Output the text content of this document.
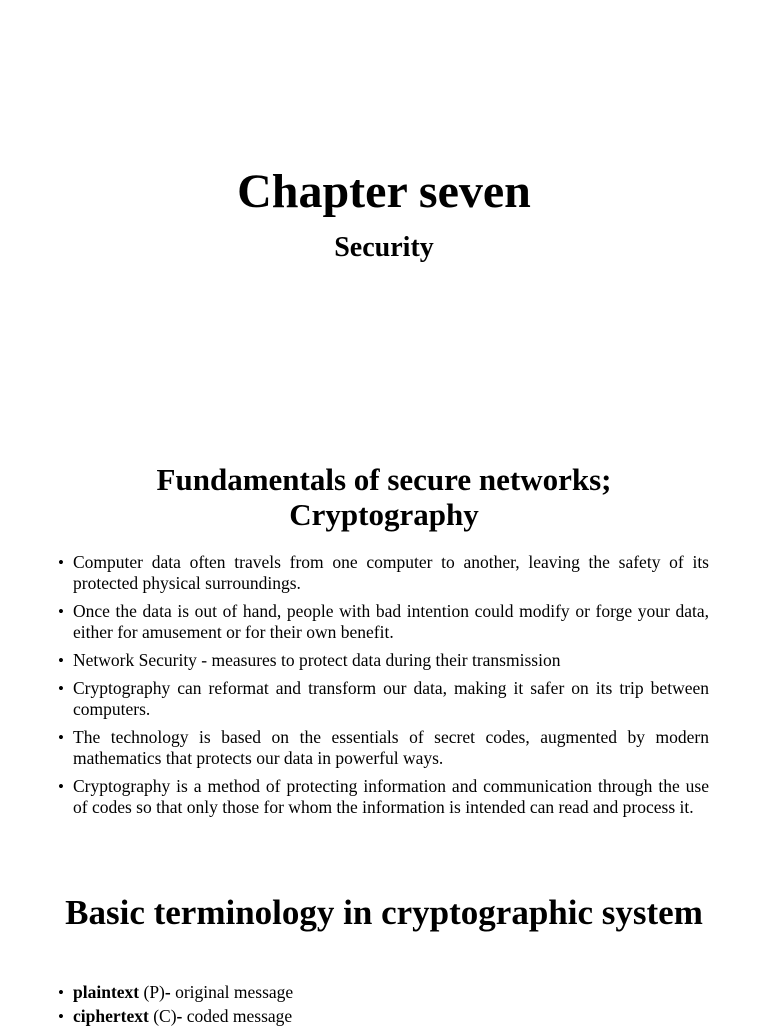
Chapter seven
Security
Fundamentals of secure networks;
Cryptography
• Computer data often travels from one computer to another, leaving the safety of its protected physical surroundings.
• Once the data is out of hand, people with bad intention could modify or forge your data, either for amusement or for their own benefit.
• Network Security - measures to protect data during their transmission
• Cryptography can reformat and transform our data, making it safer on its trip between computers.
• The technology is based on the essentials of secret codes, augmented by modern mathematics that protects our data in powerful ways.
• Cryptography is a method of protecting information and communication through the use of codes so that only those for whom the information is intended can read and process it.
Basic terminology in cryptographic system
• plaintext (P)- original message
• ciphertext (C)- coded message
